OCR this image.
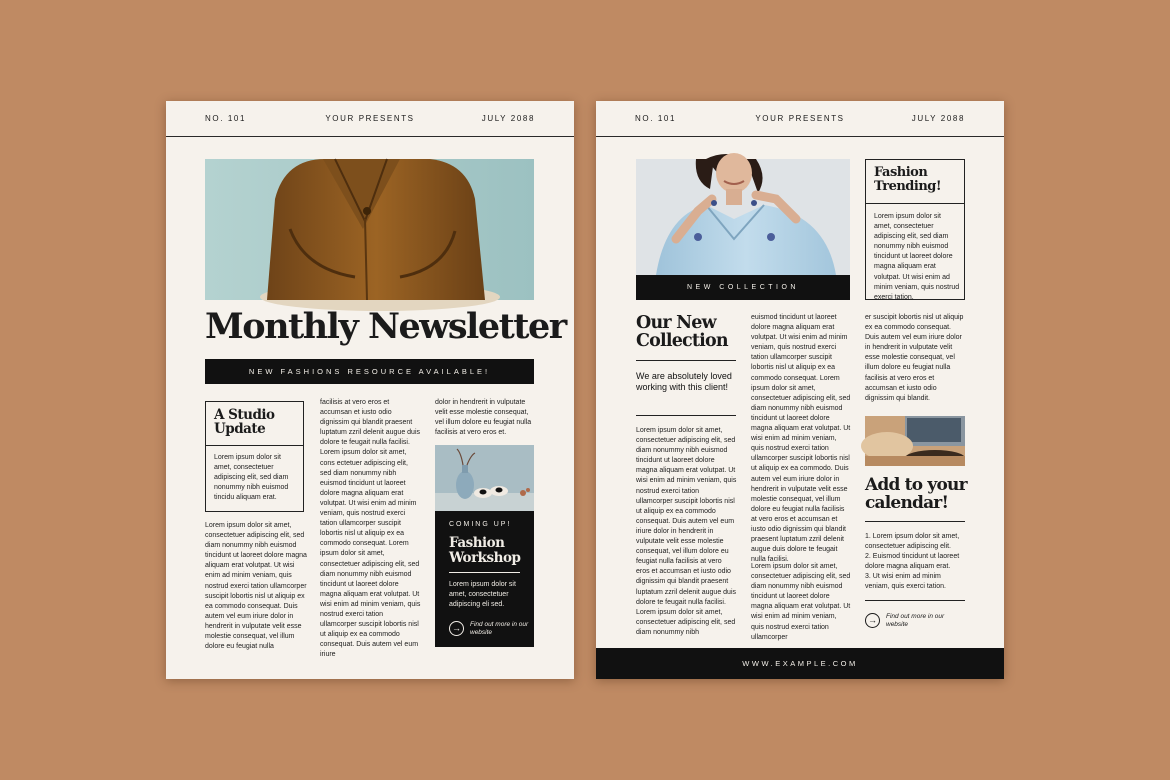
NO. 101	YOUR PRESENTS	JULY 2088
Monthly Newsletter
NEW FASHIONS RESOURCE AVAILABLE!
A Studio Update
Lorem ipsum dolor sit amet, consectetuer adipiscing elit, sed diam nonummy nibh euismod tincidu aliquam erat.
Lorem ipsum dolor sit amet, consectetuer adipiscing elit, sed diam nonummy nibh euismod tincidunt ut laoreet dolore magna aliquam erat volutpat. Ut wisi enim ad minim veniam, quis nostrud exerci tation ullamcorper suscipit lobortis nisl ut aliquip ex ea commodo consequat. Duis autem vel eum iriure dolor in hendrerit in vulputate velit esse molestie consequat, vel illum dolore eu feugiat nulla
facilisis at vero eros et accumsan et iusto odio dignissim qui blandit praesent luptatum zzril delenit augue duis dolore te feugait nulla facilisi. Lorem ipsum dolor sit amet, cons ectetuer adipiscing elit, sed diam nonummy nibh euismod tincidunt ut laoreet dolore magna aliquam erat volutpat. Ut wisi enim ad minim veniam, quis nostrud exerci tation ullamcorper suscipit lobortis nisl ut aliquip ex ea commodo consequat. Lorem ipsum dolor sit amet, consectetuer adipiscing elit, sed diam nonummy nibh euismod tincidunt ut laoreet dolore magna aliquam erat volutpat. Ut wisi enim ad minim veniam, quis nostrud exerci tation ullamcorper suscipit lobortis nisl ut aliquip ex ea commodo consequat. Duis autem vel eum iriure
dolor in hendrerit in vulputate velit esse molestie consequat, vel illum dolore eu feugiat nulla facilisis at vero eros et.
COMING UP!
Fashion Workshop
Lorem ipsum dolor sit amet, consectetuer adipiscing eli sed.
→	Find out more in our website
NO. 101	YOUR PRESENTS	JULY 2088
NEW COLLECTION
Our New Collection
We are absolutely loved working with this client!
Lorem ipsum dolor sit amet, consectetuer adipiscing elit, sed diam nonummy nibh euismod tincidunt ut laoreet dolore magna aliquam erat volutpat. Ut wisi enim ad minim veniam, quis nostrud exerci tation ullamcorper suscipit lobortis nisl ut aliquip ex ea commodo consequat. Duis autem vel eum iriure dolor in hendrerit in vulputate velit esse molestie consequat, vel illum dolore eu feugiat nulla facilisis at vero eros et accumsan et iusto odio dignissim qui blandit praesent luptatum zzril delenit augue duis dolore te feugait nulla facilisi. Lorem ipsum dolor sit amet, consectetuer adipiscing elit, sed diam nonummy nibh
euismod tincidunt ut laoreet dolore magna aliquam erat volutpat. Ut wisi enim ad minim veniam, quis nostrud exerci tation ullamcorper suscipit lobortis nisl ut aliquip ex ea commodo consequat. Lorem ipsum dolor sit amet, consectetuer adipiscing elit, sed diam nonummy nibh euismod tincidunt ut laoreet dolore magna aliquam erat volutpat. Ut wisi enim ad minim veniam, quis nostrud exerci tation ullamcorper suscipit lobortis nisl ut aliquip ex ea commodo. Duis autem vel eum iriure dolor in hendrerit in vulputate velit esse molestie consequat, vel illum dolore eu feugiat nulla facilisis at vero eros et accumsan et iusto odio dignissim qui blandit praesent luptatum zzril delenit augue duis dolore te feugait nulla facilisi.
Lorem ipsum dolor sit amet, consectetuer adipiscing elit, sed diam nonummy nibh euismod tincidunt ut laoreet dolore magna aliquam erat volutpat. Ut wisi enim ad minim veniam, quis nostrud exerci tation ullamcorper
Fashion Trending!
Lorem ipsum dolor sit amet, consectetuer adipiscing elit, sed diam nonummy nibh euismod tincidunt ut laoreet dolore magna aliquam erat volutpat. Ut wisi enim ad minim veniam, quis nostrud exerci tation.
er suscipit lobortis nisl ut aliquip ex ea commodo consequat. Duis autem vel eum iriure dolor in hendrerit in vulputate velit esse molestie consequat, vel illum dolore eu feugiat nulla facilisis at vero eros et accumsan et iusto odio dignissim qui blandit.
Add to your calendar!
1. Lorem ipsum dolor sit amet, consectetuer adipiscing elit.
2. Euismod tincidunt ut laoreet dolore magna aliquam erat.
3. Ut wisi enim ad minim veniam, quis exerci tation.
→	Find out more in our website
WWW.EXAMPLE.COM
